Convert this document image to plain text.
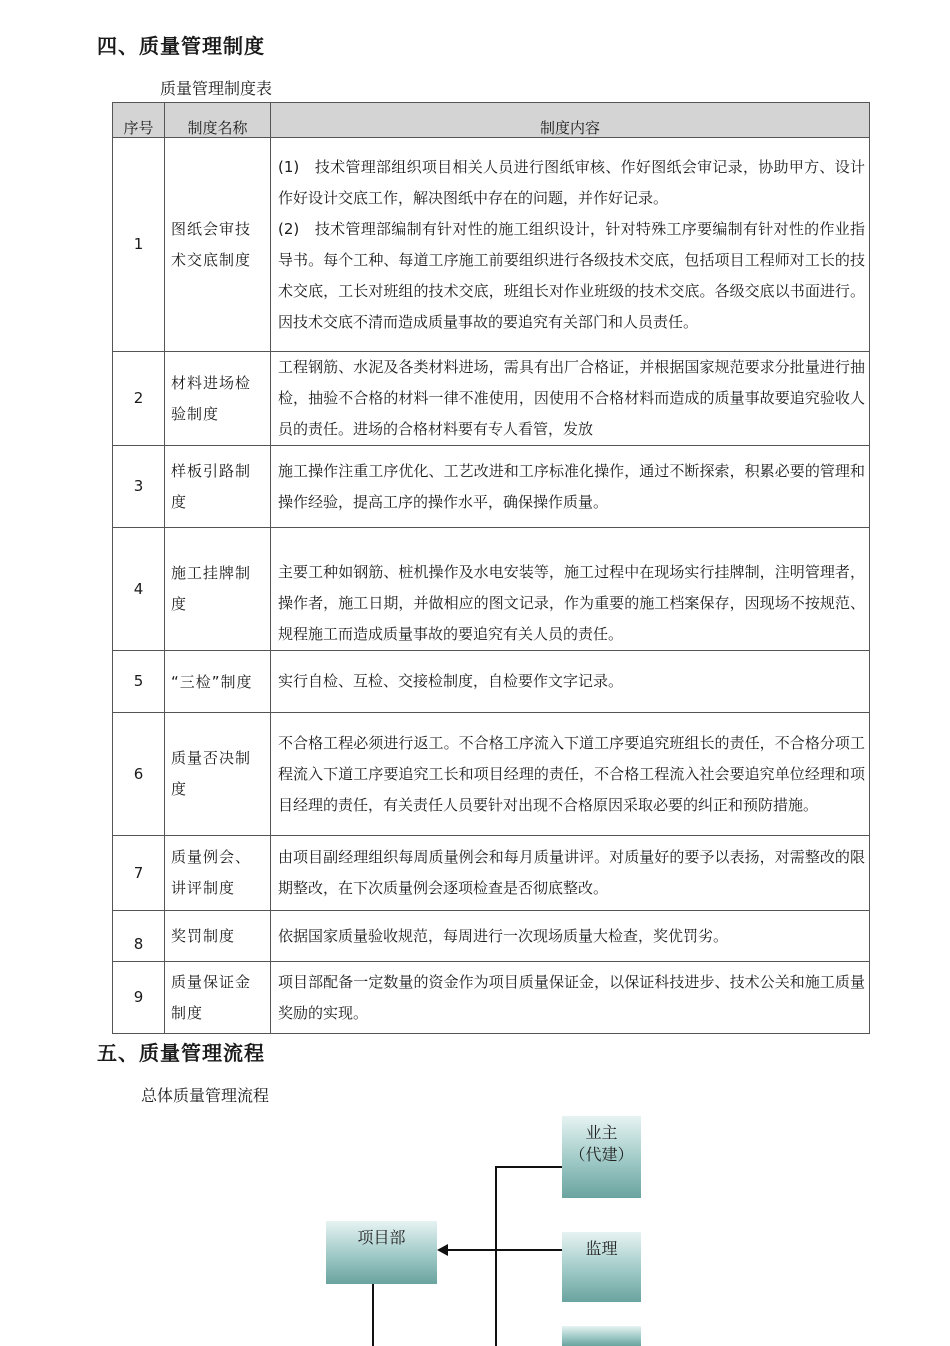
四、质量管理制度
质量管理制度表
序号	制度名称	制度内容
1	图纸会审技术交底制度	(1)　技术管理部组织项目相关人员进行图纸审核、作好图纸会审记录，协助甲方、设计作好设计交底工作，解决图纸中存在的问题，并作好记录。
(2)　技术管理部编制有针对性的施工组织设计，针对特殊工序要编制有针对性的作业指导书。每个工种、每道工序施工前要组织进行各级技术交底，包括项目工程师对工长的技术交底，工长对班组的技术交底，班组长对作业班级的技术交底。各级交底以书面进行。因技术交底不清而造成质量事故的要追究有关部门和人员责任。

2	材料进场检验制度	工程钢筋、水泥及各类材料进场，需具有出厂合格证，并根据国家规范要求分批量进行抽检，抽验不合格的材料一律不准使用，因使用不合格材料而造成的质量事故要追究验收人员的责任。进场的合格材料要有专人看管，发放
3	样板引路制度	施工操作注重工序优化、工艺改进和工序标准化操作，通过不断探索，积累必要的管理和操作经验，提高工序的操作水平，确保操作质量。
4	施工挂牌制度	主要工种如钢筋、桩机操作及水电安装等，施工过程中在现场实行挂牌制，注明管理者，操作者，施工日期，并做相应的图文记录，作为重要的施工档案保存，因现场不按规范、规程施工而造成质量事故的要追究有关人员的责任。
5	“三检”制度	实行自检、互检、交接检制度，自检要作文字记录。
6	质量否决制度	不合格工程必须进行返工。不合格工序流入下道工序要追究班组长的责任，不合格分项工程流入下道工序要追究工长和项目经理的责任，不合格工程流入社会要追究单位经理和项目经理的责任，有关责任人员要针对出现不合格原因采取必要的纠正和预防措施。
7	质量例会、讲评制度	由项目副经理组织每周质量例会和每月质量讲评。对质量好的要予以表扬，对需整改的限期整改，在下次质量例会逐项检查是否彻底整改。
8	奖罚制度	依据国家质量验收规范，每周进行一次现场质量大检查，奖优罚劣。
9	质量保证金制度	项目部配备一定数量的资金作为项目质量保证金，以保证科技进步、技术公关和施工质量奖励的实现。
五、质量管理流程
总体质量管理流程
业主
（代建）
监理
项目部
